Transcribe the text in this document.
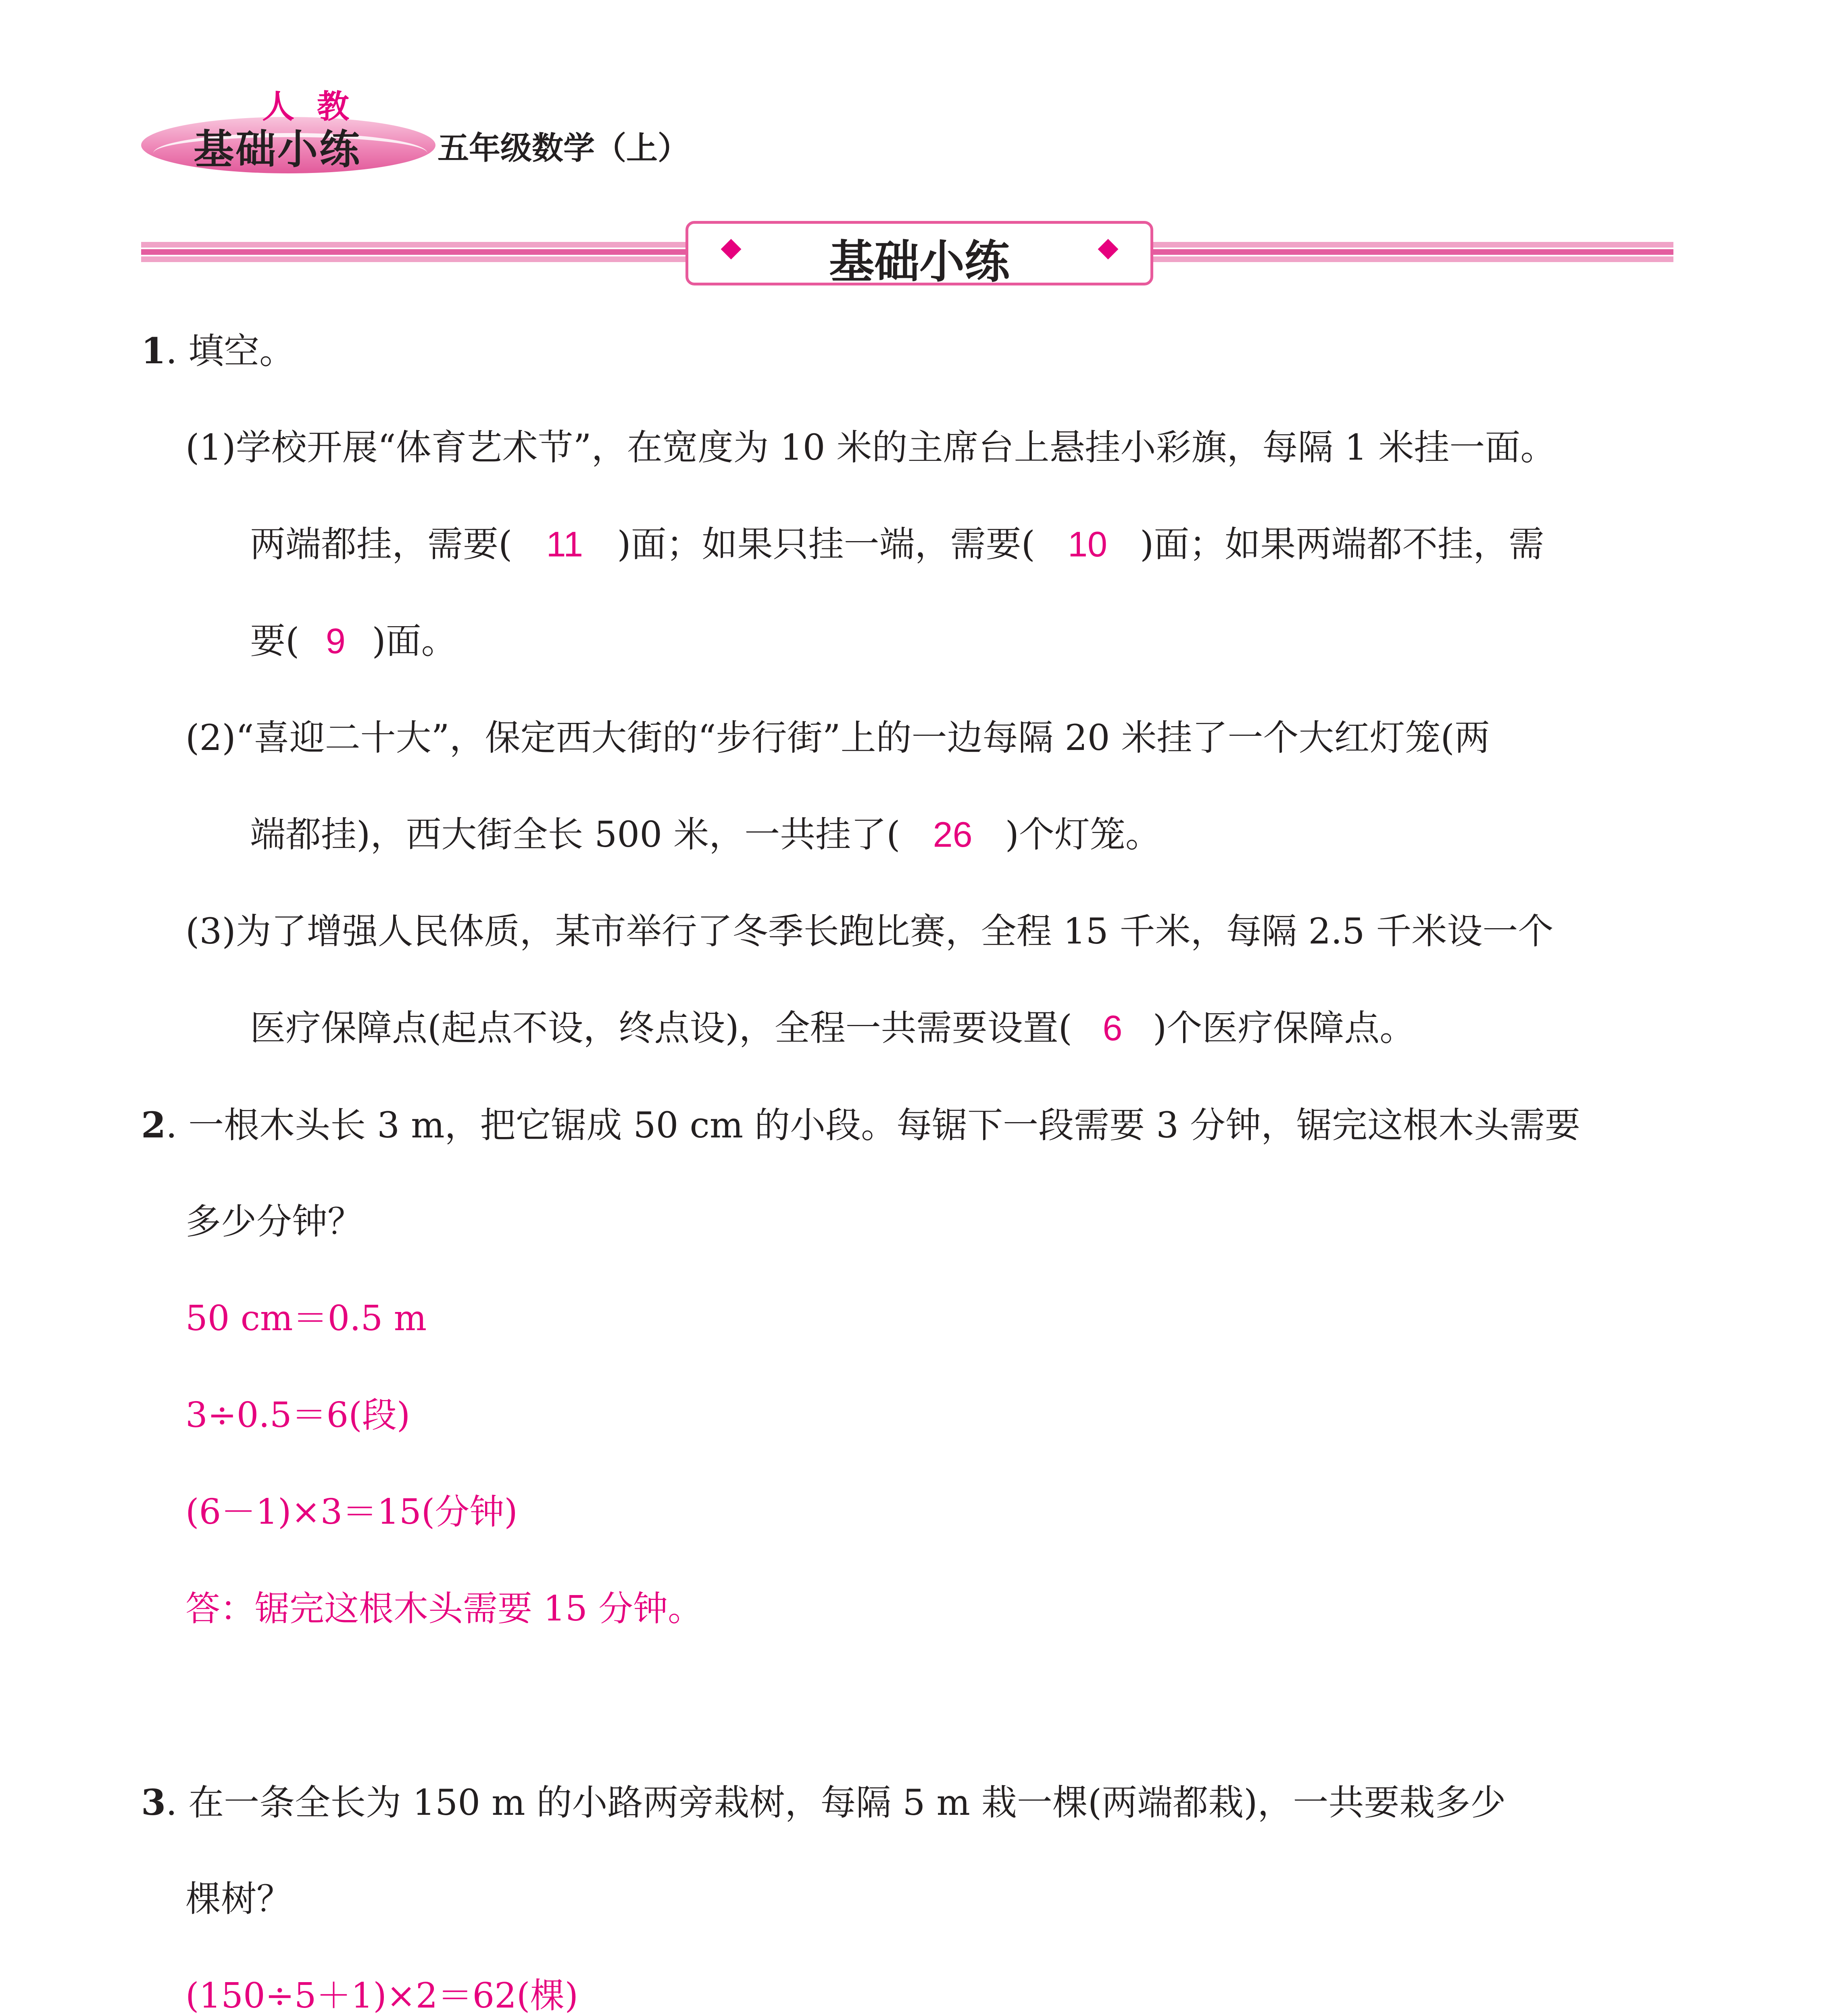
人 教
基础小练 五年级数学（上）
基础小练
1. 填空。
(1)学校开展“体育艺术节”，在宽度为 10 米的主席台上悬挂小彩旗，每隔 1 米挂一面。
两端都挂，需要( 11 )面；如果只挂一端，需要( 10 )面；如果两端都不挂，需
要( 9 )面。
(2)“喜迎二十大”，保定西大街的“步行街”上的一边每隔 20 米挂了一个大红灯笼(两
端都挂)，西大街全长 500 米，一共挂了( 26 )个灯笼。
(3)为了增强人民体质，某市举行了冬季长跑比赛，全程 15 千米，每隔 2.5 千米设一个
医疗保障点(起点不设，终点设)，全程一共需要设置( 6 )个医疗保障点。
2. 一根木头长 3 m，把它锯成 50 cm 的小段。每锯下一段需要 3 分钟，锯完这根木头需要
多少分钟？
50 cm＝0.5 m
3÷0.5＝6(段)
(6－1)×3＝15(分钟)
答：锯完这根木头需要 15 分钟。
3. 在一条全长为 150 m 的小路两旁栽树，每隔 5 m 栽一棵(两端都栽)，一共要栽多少
棵树？
(150÷5＋1)×2＝62(棵)
